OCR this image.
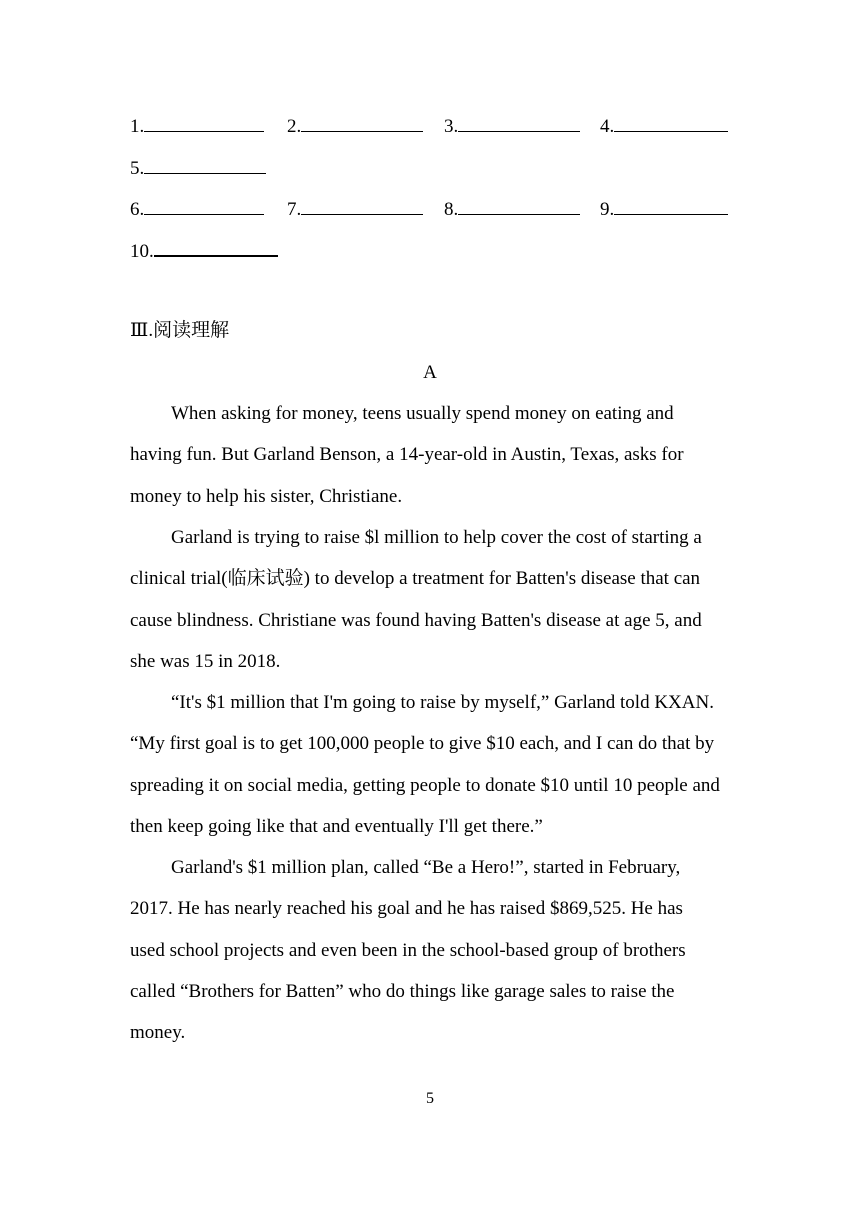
1.	2.	3.	4.
5.
6.	7.	8.	9.
10.
Ⅲ.阅读理解
A

When asking for money, teens usually spend money on eating and having fun. But Garland Benson, a 14-year-old in Austin, Texas, asks for money to help his sister, Christiane.

Garland is trying to raise $l million to help cover the cost of starting a clinical trial(临床试验) to develop a treatment for Batten's disease that can cause blindness. Christiane was found having Batten's disease at age 5, and she was 15 in 2018.

“It's $1 million that I'm going to raise by myself,” Garland told KXAN. “My first goal is to get 100,000 people to give $10 each, and I can do that by spreading it on social media, getting people to donate $10 until 10 people and then keep going like that and eventually I'll get there.”

Garland's $1 million plan, called “Be a Hero!”, started in February, 2017. He has nearly reached his goal and he has raised $869,525. He has used school projects and even been in the school-based group of brothers called “Brothers for Batten” who do things like garage sales to raise the money.

5
